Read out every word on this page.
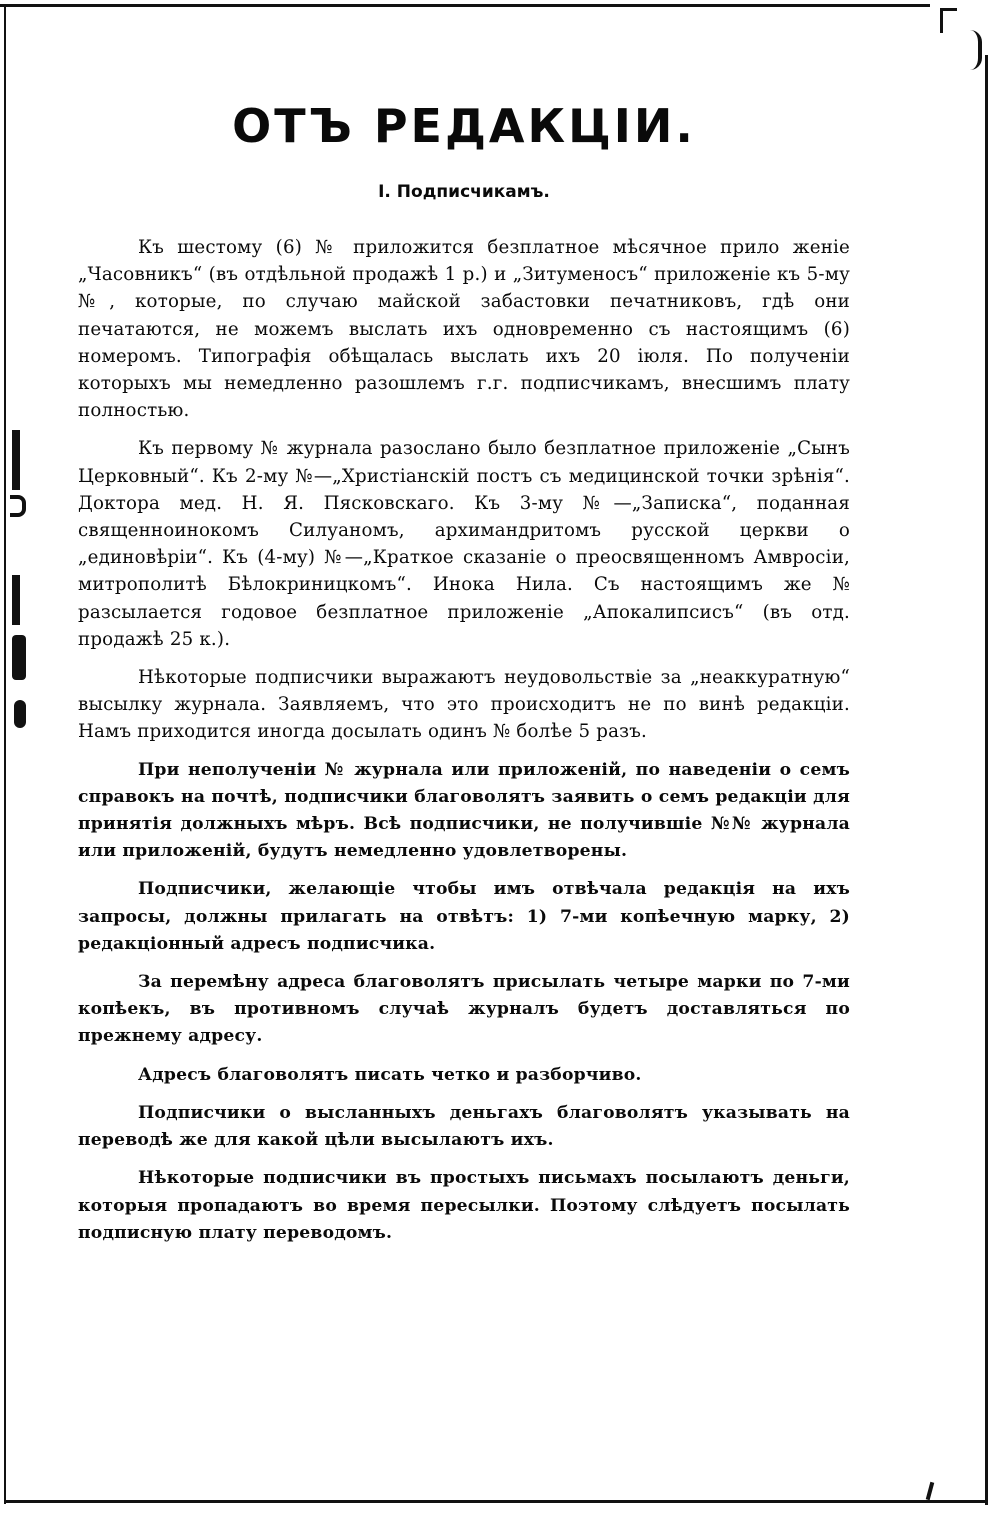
ОТЪ РЕДАКЦІИ.
I. Подписчикамъ.

Къ шестому (6) № приложится безплатное мѣсячное прило женіе „Часовникъ“ (въ отдѣльной продажѣ 1 р.) и „Зитуменосъ“ приложеніе къ 5-му №, которые, по случаю майской забастовки печатниковъ, гдѣ они печатаются, не можемъ выслать ихъ одновременно съ настоящимъ (6) номеромъ. Типографія обѣщалась выслать ихъ 20 іюля. По полученіи которыхъ мы немедленно разошлемъ г.г. подписчикамъ, внесшимъ плату полностью.

Къ первому № журнала разослано было безплатное приложеніе „Сынъ Церковный“. Къ 2-му №—„Христіанскій постъ съ медицинской точки зрѣнія“. Доктора мед. Н. Я. Пясковскаго. Къ 3-му №—„Записка“, поданная священноинокомъ Силуаномъ, архимандритомъ русской церкви о „единовѣріи“. Къ (4-му) №—„Краткое сказаніе о преосвященномъ Амвросіи, митрополитѣ Бѣлокриницкомъ“. Инока Нила. Съ настоящимъ же № разсылается годовое безплатное приложеніе „Апокалипсисъ“ (въ отд. продажѣ 25 к.).

Нѣкоторые подписчики выражаютъ неудовольствіе за „неаккуратную“ высылку журнала. Заявляемъ, что это происходитъ не по винѣ редакціи. Намъ приходится иногда досылать одинъ № болѣе 5 разъ.

При неполученіи № журнала или приложеній, по наведеніи о семъ справокъ на почтѣ, подписчики благоволятъ заявить о семъ редакціи для принятія должныхъ мѣръ. Всѣ подписчики, не получившіе №№ журнала или приложеній, будутъ немедленно удовлетворены.

Подписчики, желающіе чтобы имъ отвѣчала редакція на ихъ запросы, должны прилагать на отвѣтъ: 1) 7-ми копѣечную марку, 2) редакціонный адресъ подписчика.

За перемѣну адреса благоволятъ присылать четыре марки по 7-ми копѣекъ, въ противномъ случаѣ журналъ будетъ доставляться по прежнему адресу.

Адресъ благоволятъ писать четко и разборчиво.

Подписчики о высланныхъ деньгахъ благоволятъ указывать на переводѣ же для какой цѣли высылаютъ ихъ.

Нѣкоторые подписчики въ простыхъ письмахъ посылаютъ деньги, которыя пропадаютъ во время пересылки. Поэтому слѣдуетъ посылать подписную плату переводомъ.
